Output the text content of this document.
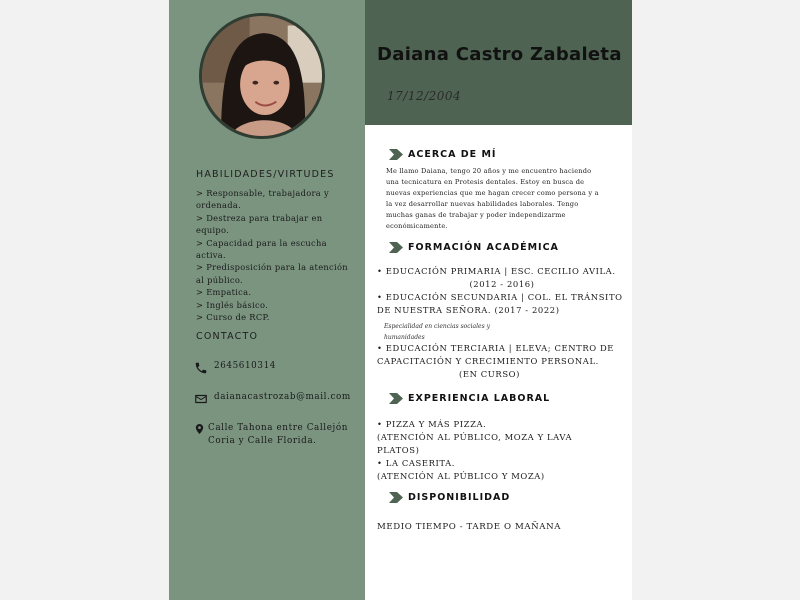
HABILIDADES/VIRTUDES
> Responsable, trabajadora y ordenada.
> Destreza para trabajar en equipo.
> Capacidad para la escucha activa.
> Predisposición para la atención al público.
> Empatica.
> Inglés básico.
> Curso de RCP.
CONTACTO
2645610314
daianacastrozab@mail.com
Calle Tahona entre Callejón Coria y Calle Florida.
Daiana Castro Zabaleta
17/12/2004
ACERCA DE MÍ
Me llamo Daiana, tengo 20 años y me encuentro haciendo una tecnicatura en Protesis dentales. Estoy en busca de nuevas experiencias que me hagan crecer como persona y a la vez desarrollar nuevas habilidades laborales. Tengo muchas ganas de trabajar y poder independizarme económicamente.
FORMACIÓN ACADÉMICA
• EDUCACIÓN PRIMARIA | ESC. CECILIO AVILA.
(2012 - 2016)
• EDUCACIÓN SECUNDARIA | COL. EL TRÁNSITO
DE NUESTRA SEÑORA. (2017 - 2022)
Especialidad en ciencias sociales y humanidades
• EDUCACIÓN TERCIARIA | ELEVA; CENTRO DE
CAPACITACIÓN Y CRECIMIENTO PERSONAL.
(EN CURSO)
EXPERIENCIA LABORAL
• PIZZA Y MÁS PIZZA.
(ATENCIÓN AL PÚBLICO, MOZA Y LAVA PLATOS)
• LA CASERITA.
(ATENCIÓN AL PÚBLICO Y MOZA)
DISPONIBILIDAD
MEDIO TIEMPO - TARDE O MAÑANA
